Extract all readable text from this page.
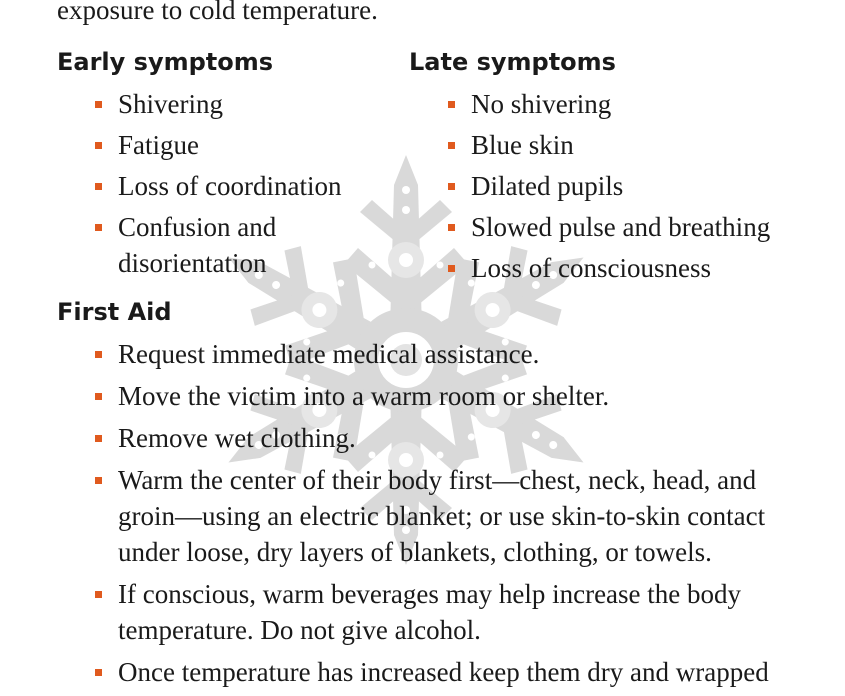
exposure to cold temperature.

Early symptoms
Shivering
Fatigue
Loss of coordination
Confusion and disorientation
Late symptoms
No shivering
Blue skin
Dilated pupils
Slowed pulse and breathing
Loss of consciousness
First Aid
Request immediate medical assistance.
Move the victim into a warm room or shelter.
Remove wet clothing.
Warm the center of their body first—chest, neck, head, and groin—using an electric blanket; or use skin-to-skin contact under loose, dry layers of blankets, clothing, or towels.
If conscious, warm beverages may help increase the body temperature. Do not give alcohol.
Once temperature has increased keep them dry and wrapped
